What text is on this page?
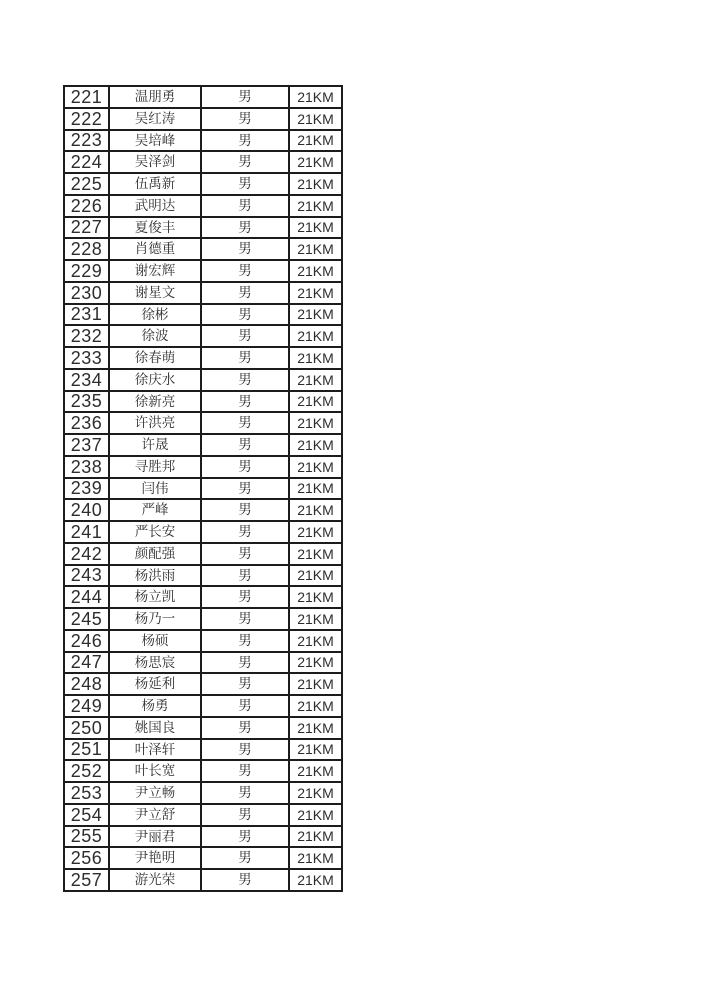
221	温朋勇	男	21KM
222	吴红涛	男	21KM
223	吴培峰	男	21KM
224	吴泽剑	男	21KM
225	伍禹新	男	21KM
226	武明达	男	21KM
227	夏俊丰	男	21KM
228	肖德重	男	21KM
229	谢宏辉	男	21KM
230	谢星文	男	21KM
231	徐彬	男	21KM
232	徐波	男	21KM
233	徐春萌	男	21KM
234	徐庆水	男	21KM
235	徐新亮	男	21KM
236	许洪亮	男	21KM
237	许晟	男	21KM
238	寻胜邦	男	21KM
239	闫伟	男	21KM
240	严峰	男	21KM
241	严长安	男	21KM
242	颜配强	男	21KM
243	杨洪雨	男	21KM
244	杨立凯	男	21KM
245	杨乃一	男	21KM
246	杨硕	男	21KM
247	杨思宸	男	21KM
248	杨延利	男	21KM
249	杨勇	男	21KM
250	姚国良	男	21KM
251	叶泽轩	男	21KM
252	叶长宽	男	21KM
253	尹立畅	男	21KM
254	尹立舒	男	21KM
255	尹丽君	男	21KM
256	尹艳明	男	21KM
257	游光荣	男	21KM
